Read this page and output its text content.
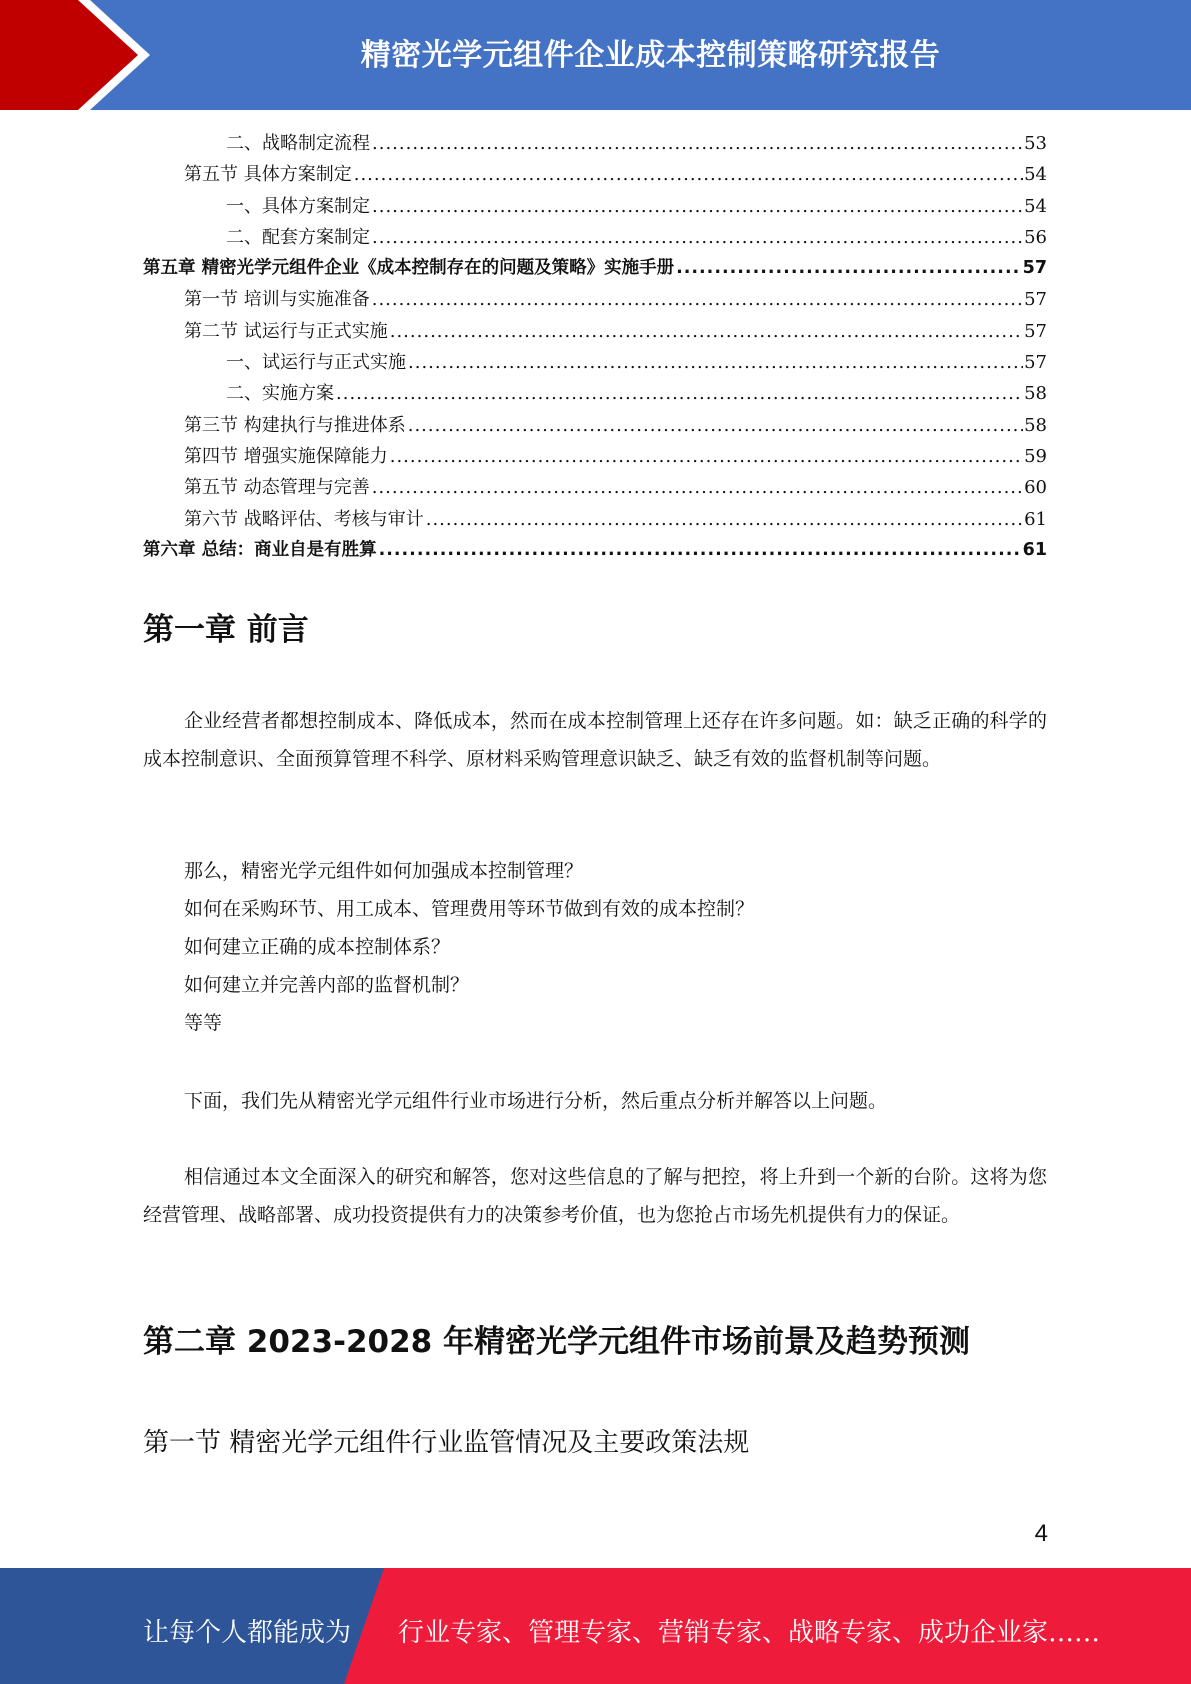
精密光学元组件企业成本控制策略研究报告
二、战略制定流程 .....	53
第五节 具体方案制定 .....	54
一、具体方案制定 .....	54
二、配套方案制定 .....	56
第五章 精密光学元组件企业《成本控制存在的问题及策略》实施手册 .....	57
第一节 培训与实施准备 .....	57
第二节 试运行与正式实施 .....	57
一、试运行与正式实施 .....	57
二、实施方案 .....	58
第三节 构建执行与推进体系 .....	58
第四节 增强实施保障能力 .....	59
第五节 动态管理与完善 .....	60
第六节 战略评估、考核与审计 .....	61
第六章 总结：商业自是有胜算 .....	61
第一章 前言
企业经营者都想控制成本、降低成本，然而在成本控制管理上还存在许多问题。如：缺乏正确的科学的成本控制意识、全面预算管理不科学、原材料采购管理意识缺乏、缺乏有效的监督机制等问题。
那么，精密光学元组件如何加强成本控制管理？
如何在采购环节、用工成本、管理费用等环节做到有效的成本控制？
如何建立正确的成本控制体系？
如何建立并完善内部的监督机制？
等等
下面，我们先从精密光学元组件行业市场进行分析，然后重点分析并解答以上问题。
相信通过本文全面深入的研究和解答，您对这些信息的了解与把控，将上升到一个新的台阶。这将为您经营管理、战略部署、成功投资提供有力的决策参考价值，也为您抢占市场先机提供有力的保证。
第二章 2023-2028 年精密光学元组件市场前景及趋势预测
第一节 精密光学元组件行业监管情况及主要政策法规
4
让每个人都能成为 行业专家、管理专家、营销专家、战略专家、成功企业家……
